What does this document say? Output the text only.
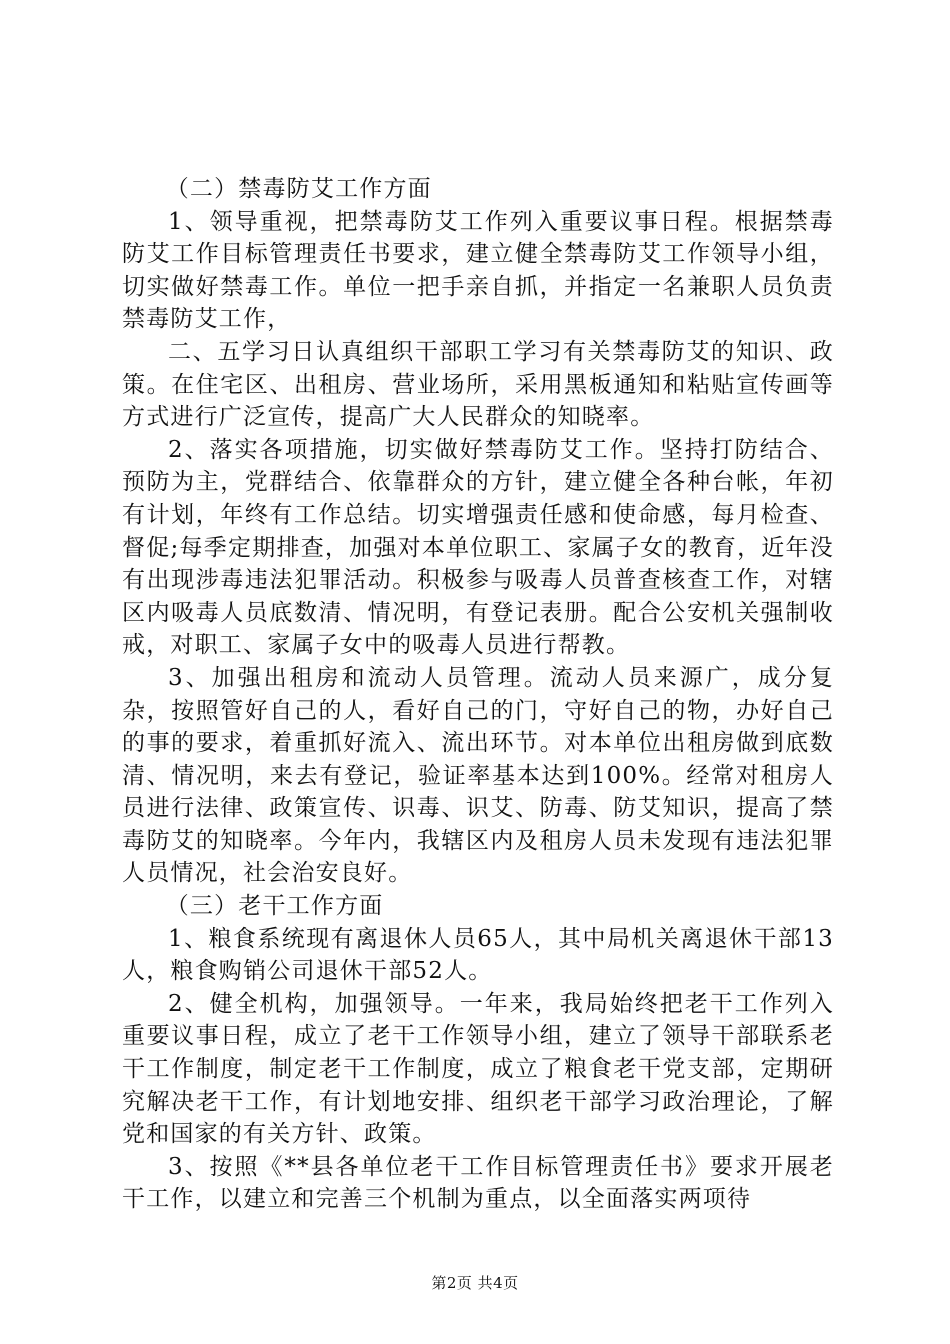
（二）禁毒防艾工作方面

1、领导重视，把禁毒防艾工作列入重要议事日程。根据禁毒防艾工作目标管理责任书要求，建立健全禁毒防艾工作领导小组，切实做好禁毒工作。单位一把手亲自抓，并指定一名兼职人员负责禁毒防艾工作，

二、五学习日认真组织干部职工学习有关禁毒防艾的知识、政策。在住宅区、出租房、营业场所，采用黑板通知和粘贴宣传画等方式进行广泛宣传，提高广大人民群众的知晓率。

2、落实各项措施，切实做好禁毒防艾工作。坚持打防结合、预防为主，党群结合、依靠群众的方针，建立健全各种台帐，年初有计划，年终有工作总结。切实增强责任感和使命感，每月检查、督促;每季定期排查，加强对本单位职工、家属子女的教育，近年没有出现涉毒违法犯罪活动。积极参与吸毒人员普查核查工作，对辖区内吸毒人员底数清、情况明，有登记表册。配合公安机关强制收戒，对职工、家属子女中的吸毒人员进行帮教。

3、加强出租房和流动人员管理。流动人员来源广，成分复杂，按照管好自己的人，看好自己的门，守好自己的物，办好自己的事的要求，着重抓好流入、流出环节。对本单位出租房做到底数清、情况明，来去有登记，验证率基本达到100%。经常对租房人员进行法律、政策宣传、识毒、识艾、防毒、防艾知识，提高了禁毒防艾的知晓率。今年内，我辖区内及租房人员未发现有违法犯罪人员情况，社会治安良好。

（三）老干工作方面

1、粮食系统现有离退休人员65人，其中局机关离退休干部13人，粮食购销公司退休干部52人。

2、健全机构，加强领导。一年来，我局始终把老干工作列入重要议事日程，成立了老干工作领导小组，建立了领导干部联系老干工作制度，制定老干工作制度，成立了粮食老干党支部，定期研究解决老干工作，有计划地安排、组织老干部学习政治理论，了解党和国家的有关方针、政策。

3、按照《**县各单位老干工作目标管理责任书》要求开展老干工作，以建立和完善三个机制为重点，以全面落实两项待

第2页 共4页
